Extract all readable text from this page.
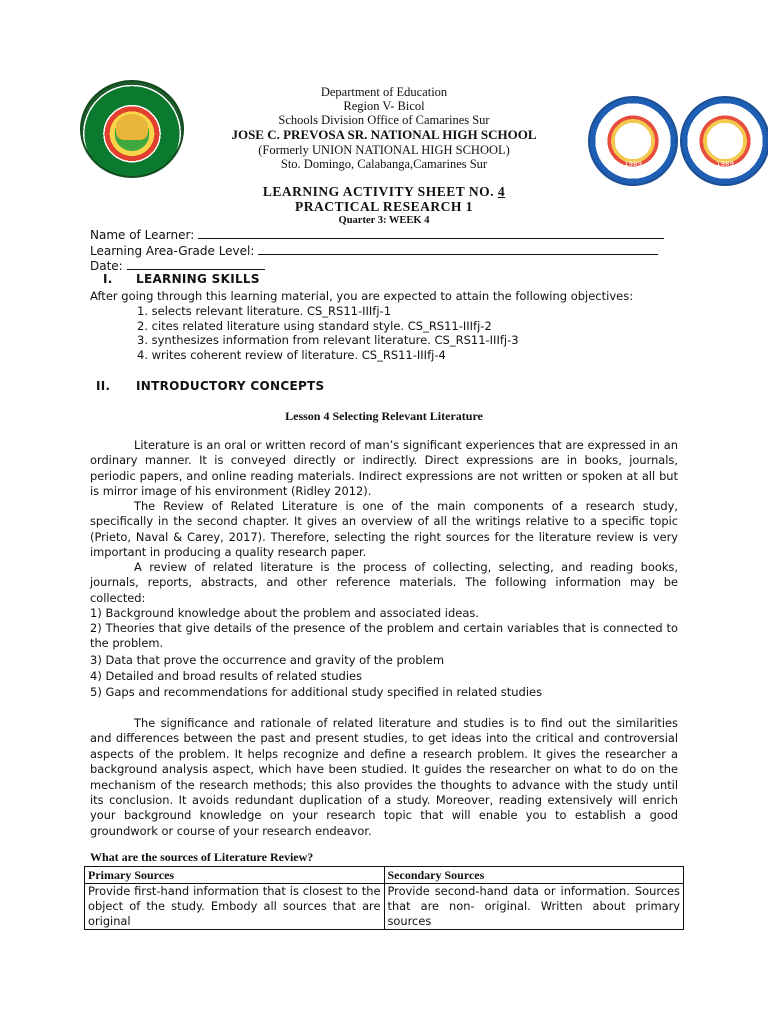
1989	1989
Department of Education
Region V- Bicol
Schools Division Office of Camarines Sur
JOSE C. PREVOSA SR. NATIONAL HIGH SCHOOL
(Formerly UNION NATIONAL HIGH SCHOOL)
Sto. Domingo, Calabanga,Camarines Sur
LEARNING ACTIVITY SHEET NO. 4
PRACTICAL RESEARCH 1
Quarter 3: WEEK 4
Name of Learner:
Learning Area-Grade Level:
Date:
I. LEARNING SKILLS
After going through this learning material, you are expected to attain the following objectives:
1. selects relevant literature. CS_RS11-IIIfj-1
2. cites related literature using standard style. CS_RS11-IIIfj-2
3. synthesizes information from relevant literature. CS_RS11-IIIfj-3
4. writes coherent review of literature. CS_RS11-IIIfj-4
II. INTRODUCTORY CONCEPTS
Lesson 4 Selecting Relevant Literature
Literature is an oral or written record of man’s significant experiences that are expressed in an ordinary manner. It is conveyed directly or indirectly. Direct expressions are in books, journals, periodic papers, and online reading materials. Indirect expressions are not written or spoken at all but is mirror image of his environment (Ridley 2012).
The Review of Related Literature is one of the main components of a research study, specifically in the second chapter. It gives an overview of all the writings relative to a specific topic (Prieto, Naval & Carey, 2017). Therefore, selecting the right sources for the literature review is very important in producing a quality research paper.
A review of related literature is the process of collecting, selecting, and reading books, journals, reports, abstracts, and other reference materials. The following information may be collected:
1) Background knowledge about the problem and associated ideas.
2) Theories that give details of the presence of the problem and certain variables that is connected to the problem.
3) Data that prove the occurrence and gravity of the problem
4) Detailed and broad results of related studies
5) Gaps and recommendations for additional study specified in related studies
The significance and rationale of related literature and studies is to find out the similarities and differences between the past and present studies, to get ideas into the critical and controversial aspects of the problem. It helps recognize and define a research problem. It gives the researcher a background analysis aspect, which have been studied. It guides the researcher on what to do on the mechanism of the research methods; this also provides the thoughts to advance with the study until its conclusion. It avoids redundant duplication of a study. Moreover, reading extensively will enrich your background knowledge on your research topic that will enable you to establish a good groundwork or course of your research endeavor.
What are the sources of Literature Review?
Primary Sources	Secondary Sources
Provide first-hand information that is closest to the object of the study. Embody all sources that are original	Provide second-hand data or information. Sources that are non- original. Written about primary sources
